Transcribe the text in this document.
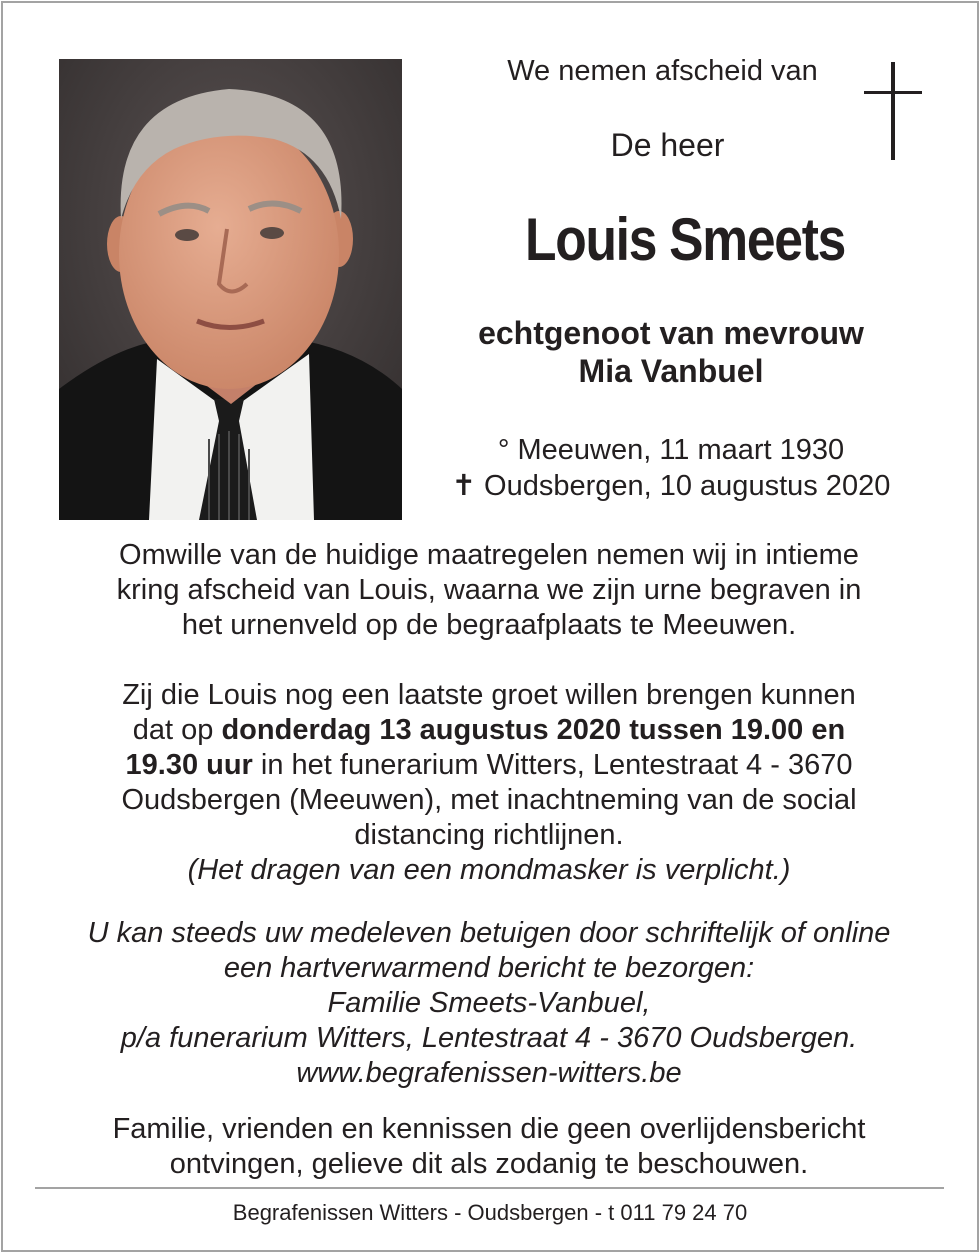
We nemen afscheid van
De heer
Louis Smeets
echtgenoot van mevrouw
Mia Vanbuel
° Meeuwen, 11 maart 1930
✝ Oudsbergen, 10 augustus 2020
Omwille van de huidige maatregelen nemen wij in intieme
kring afscheid van Louis, waarna we zijn urne begraven in
het urnenveld op de begraafplaats te Meeuwen.
Zij die Louis nog een laatste groet willen brengen kunnen
dat op donderdag 13 augustus 2020 tussen 19.00 en
19.30 uur in het funerarium Witters, Lentestraat 4 - 3670
Oudsbergen (Meeuwen), met inachtneming van de social
distancing richtlijnen.
(Het dragen van een mondmasker is verplicht.)
U kan steeds uw medeleven betuigen door schriftelijk of online
een hartverwarmend bericht te bezorgen:
Familie Smeets-Vanbuel,
p/a funerarium Witters, Lentestraat 4 - 3670 Oudsbergen.
www.begrafenissen-witters.be
Familie, vrienden en kennissen die geen overlijdensbericht
ontvingen, gelieve dit als zodanig te beschouwen.
Begrafenissen Witters - Oudsbergen - t 011 79 24 70
